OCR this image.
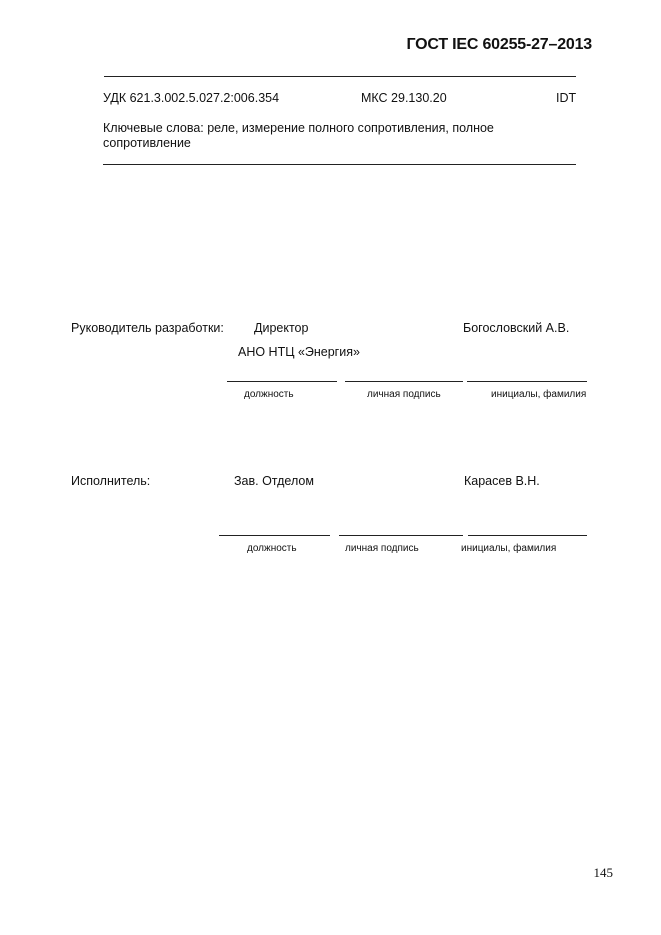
ГОСТ IEC 60255-27–2013
УДК 621.3.002.5.027.2:006.354	МКС 29.130.20	IDT
Ключевые слова: реле, измерение полного сопротивления, полное сопротивление
Руководитель разработки: Директор	Богословский А.В.
АНО НТЦ «Энергия»
должность	личная подпись	инициалы, фамилия
Исполнитель:	Зав. Отделом	Карасев В.Н.
должность	личная подпись	инициалы, фамилия
145
